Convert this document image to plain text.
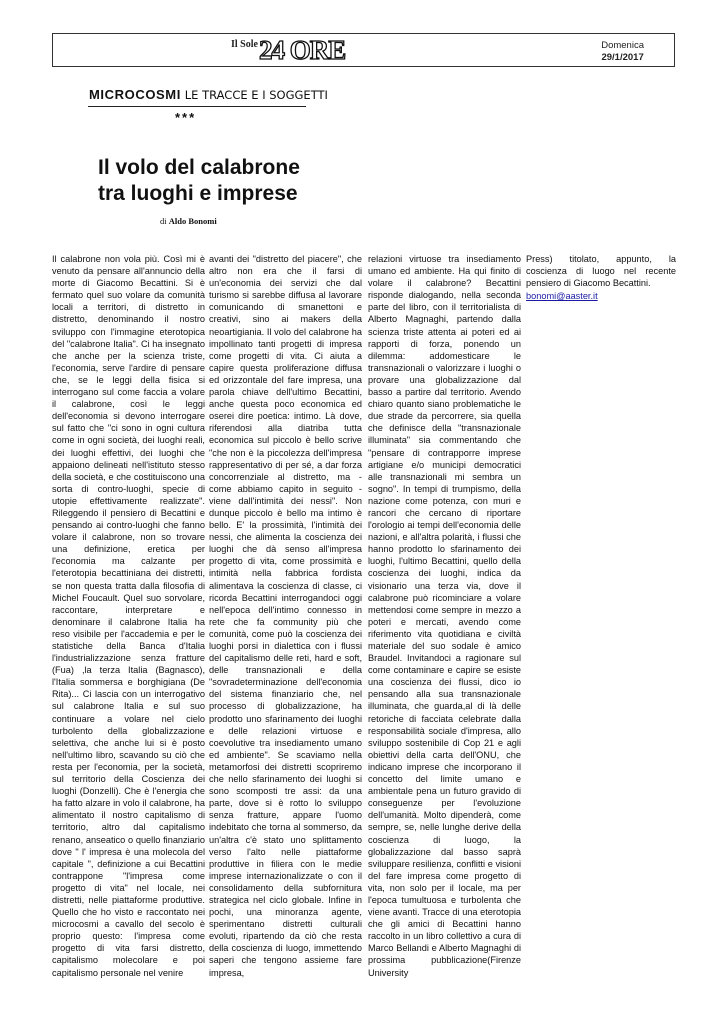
Il Sole24 ORE	Domenica
29/1/2017
MICROCOSMI LE TRACCE E I SOGGETTI
***
Il volo del calabrone
tra luoghi e imprese
di Aldo Bonomi

Il calabrone non vola più. Così mi è venuto da pensare all'annuncio della morte di Giacomo Becattini. Si è fermato quel suo volare da comunità locali a territori, di distretto in distretto, denominando il nostro sviluppo con l'immagine eterotopica del "calabrone Italia". Ci ha insegnato che anche per la scienza triste, l'economia, serve l'ardire di pensare che, se le leggi della fisica si interrogano sul come faccia a volare il calabrone, così le leggi dell'economia si devono interrogare sul fatto che "ci sono in ogni cultura come in ogni società, dei luoghi reali, dei luoghi effettivi, dei luoghi che appaiono delineati nell'istituto stesso della società, e che costituiscono una sorta di contro-luoghi, specie di utopie effettivamente realizzate". Rileggendo il pensiero di Becattini e pensando ai contro-luoghi che fanno volare il calabrone, non so trovare una definizione, eretica per l'economia ma calzante per l'eterotopia becattiniana dei distretti, se non questa tratta dalla filosofia di Michel Foucault. Quel suo sorvolare, raccontare, interpretare e denominare il calabrone Italia ha reso visibile per l'accademia e per le statistiche della Banca d'Italia l'industrializzazione senza fratture (Fua) ,la terza Italia (Bagnasco), l'Italia sommersa e borghigiana (De Rita)... Ci lascia con un interrogativo sul calabrone Italia e sul suo continuare a volare nel cielo turbolento della globalizzazione selettiva, che anche lui si è posto nell'ultimo libro, scavando su ciò che resta per l'economia, per la società, sul territorio della Coscienza dei luoghi (Donzelli). Che è l'energia che ha fatto alzare in volo il calabrone, ha alimentato il nostro capitalismo di territorio, altro dal capitalismo renano, anseatico o quello finanziario dove " l' impresa è una molecola del capitale ", definizione a cui Becattini contrappone "l'impresa come progetto di vita" nel locale, nei distretti, nelle piattaforme produttive. Quello che ho visto e raccontato nei microcosmi a cavallo del secolo è proprio questo: l'impresa come progetto di vita farsi distretto, capitalismo molecolare e poi capitalismo personale nel venire

avanti dei "distretto del piacere", che altro non era che il farsi di un'economia dei servizi che dal turismo si sarebbe diffusa al lavorare comunicando di smanettoni e creativi, sino ai makers della neoartigiania. Il volo del calabrone ha impollinato tanti progetti di impresa come progetti di vita. Ci aiuta a capire questa proliferazione diffusa ed orizzontale del fare impresa, una parola chiave dell'ultimo Becattini, anche questa poco economica ed oserei dire poetica: intimo. Là dove, riferendosi alla diatriba tutta economica sul piccolo è bello scrive "che non è la piccolezza dell'impresa rappresentativo di per sé, a dar forza concorrenziale al distretto, ma - come abbiamo capito in seguito - viene dall'intimità dei nessi". Non dunque piccolo è bello ma intimo è bello. E' la prossimità, l'intimità dei nessi, che alimenta la coscienza dei luoghi che dà senso all'impresa progetto di vita, come prossimità e intimità nella fabbrica fordista alimentava la coscienza di classe, ci ricorda Becattini interrogandoci oggi nell'epoca dell'intimo connesso in rete che fa community più che comunità, come può la coscienza dei luoghi porsi in dialettica con i flussi del capitalismo delle reti, hard e soft, delle transnazionali e della "sovradeterminazione dell'economia del sistema finanziario che, nel processo di globalizzazione, ha prodotto uno sfarinamento dei luoghi e delle relazioni virtuose e coevolutive tra insediamento umano ed ambiente". Se scaviamo nella metamorfosi dei distretti scopriremo che nello sfarinamento dei luoghi si sono scomposti tre assi: da una parte, dove si è rotto lo sviluppo senza fratture, appare l'uomo indebitato che torna al sommerso, da un'altra c'è stato uno splittamento verso l'alto nelle piattaforme produttive in filiera con le medie imprese internazionalizzate o con il consolidamento della subfornitura strategica nel ciclo globale. Infine in pochi, una minoranza agente, sperimentano distretti culturali evoluti, ripartendo da ciò che resta della coscienza di luogo, immettendo saperi che tengono assieme fare impresa,

relazioni virtuose tra insediamento umano ed ambiente. Ha qui finito di volare il calabrone? Becattini risponde dialogando, nella seconda parte del libro, con il territorialista di Alberto Magnaghi, partendo dalla scienza triste attenta ai poteri ed ai rapporti di forza, ponendo un dilemma: addomesticare le transnazionali o valorizzare i luoghi o provare una globalizzazione dal basso a partire dal territorio. Avendo chiaro quanto siano problematiche le due strade da percorrere, sia quella che definisce della "transnazionale illuminata" sia commentando che "pensare di contrapporre imprese artigiane e/o municipi democratici alle transnazionali mi sembra un sogno". In tempi di trumpismo, della nazione come potenza, con muri e rancori che cercano di riportare l'orologio ai tempi dell'economia delle nazioni, e all'altra polarità, i flussi che hanno prodotto lo sfarinamento dei luoghi, l'ultimo Becattini, quello della coscienza dei luoghi, indica da visionario una terza via, dove il calabrone può ricominciare a volare mettendosi come sempre in mezzo a poteri e mercati, avendo come riferimento vita quotidiana e civiltà materiale del suo sodale è amico Braudel. Invitandoci a ragionare sul come contaminare e capire se esiste una coscienza dei flussi, dico io pensando alla sua transnazionale illuminata, che guarda,al di là delle retoriche di facciata celebrate dalla responsabilità sociale d'impresa, allo sviluppo sostenibile di Cop 21 e agli obiettivi della carta dell'ONU, che indicano imprese che incorporano il concetto del limite umano e ambientale pena un futuro gravido di conseguenze per l'evoluzione dell'umanità. Molto dipenderà, come sempre, se, nelle lunghe derive della coscienza di luogo, la globalizzazione dal basso saprà sviluppare resilienza, conflitti e visioni del fare impresa come progetto di vita, non solo per il locale, ma per l'epoca tumultuosa e turbolenta che viene avanti. Tracce di una eterotopia che gli amici di Becattini hanno raccolto in un libro collettivo a cura di Marco Bellandi e Alberto Magnaghi di prossima pubblicazione(Firenze University

Press) titolato, appunto, la coscienza di luogo nel recente pensiero di Giacomo Becattini.

bonomi@aaster.it
